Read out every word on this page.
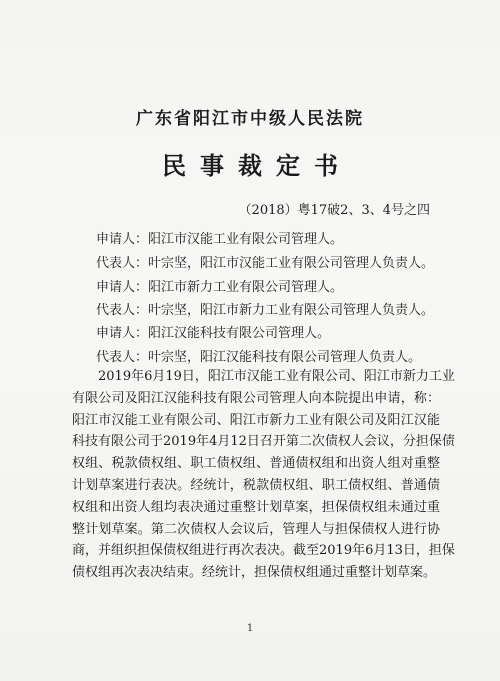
广东省阳江市中级人民法院
民事裁定书
（2018）粤17破2、3、4号之四
申请人：阳江市汉能工业有限公司管理人。
代表人：叶宗坚，阳江市汉能工业有限公司管理人负责人。
申请人：阳江市新力工业有限公司管理人。
代表人：叶宗坚，阳江市新力工业有限公司管理人负责人。
申请人：阳江汉能科技有限公司管理人。
代表人：叶宗坚，阳江汉能科技有限公司管理人负责人。
2019年6月19日，阳江市汉能工业有限公司、阳江市新力工业
有限公司及阳江汉能科技有限公司管理人向本院提出申请，称：
阳江市汉能工业有限公司、阳江市新力工业有限公司及阳江汉能
科技有限公司于2019年4月12日召开第二次债权人会议，分担保债
权组、税款债权组、职工债权组、普通债权组和出资人组对重整
计划草案进行表决。经统计，税款债权组、职工债权组、普通债
权组和出资人组均表决通过重整计划草案，担保债权组未通过重
整计划草案。第二次债权人会议后，管理人与担保债权人进行协
商，并组织担保债权组进行再次表决。截至2019年6月13日，担保
债权组再次表决结束。经统计，担保债权组通过重整计划草案。
1
